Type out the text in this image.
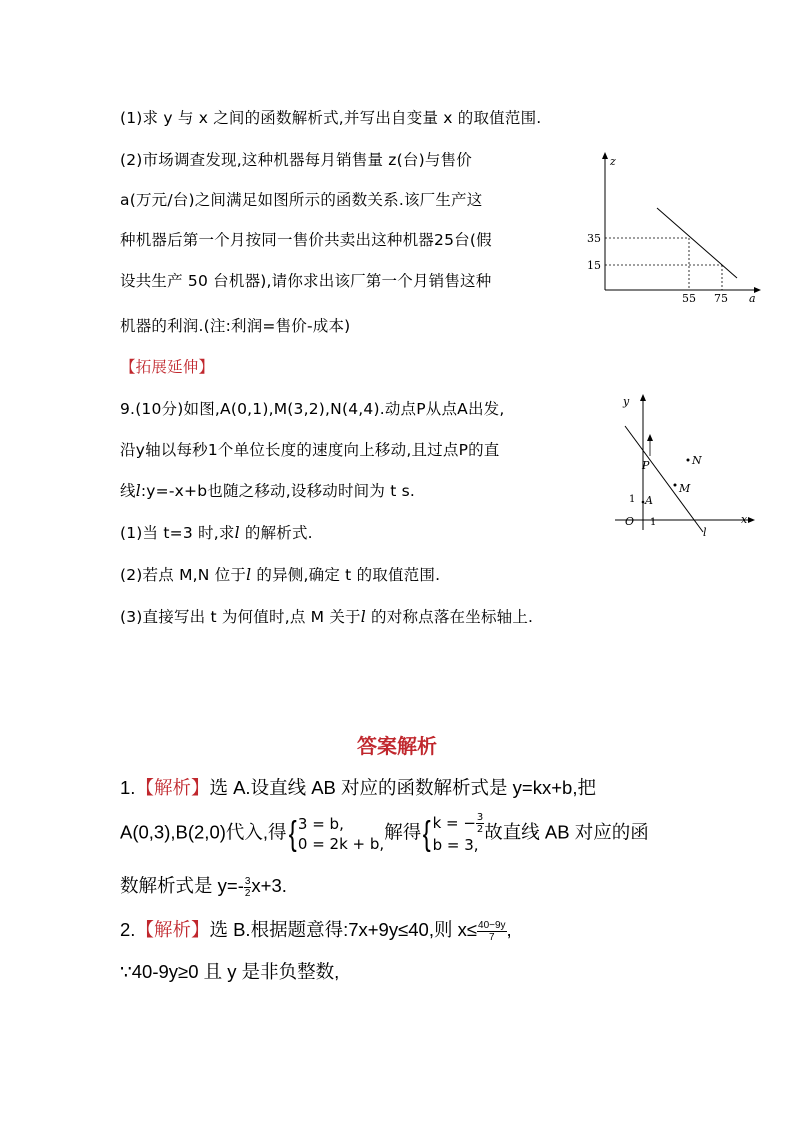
(1)求 y 与 x 之间的函数解析式,并写出自变量 x 的取值范围.
(2)市场调查发现,这种机器每月销售量 z(台)与售价
a(万元/台)之间满足如图所示的函数关系.该厂生产这
种机器后第一个月按同一售价共卖出这种机器25台(假
设共生产 50 台机器),请你求出该厂第一个月销售这种
机器的利润.(注:利润=售价-成本)
z
a
35
15
55 75
【拓展延伸】
9.(10分)如图,A(0,1),M(3,2),N(4,4).动点P从点A出发,
沿y轴以每秒1个单位长度的速度向上移动,且过点P的直
线l:y=-x+b也随之移动,设移动时间为 t s.
(1)当 t=3 时,求l 的解析式.
(2)若点 M,N 位于l 的异侧,确定 t 的取值范围.
(3)直接写出 t 为何值时,点 M 关于l 的对称点落在坐标轴上.
y
x
O 1
1
l
P
A
N
M
答案解析
1.【解析】选 A.设直线 AB 对应的函数解析式是 y=kx+b,把
A(0,3),B(2,0)代入,得{ 3 = b,
0 = 2k + b,
解得{ k = − $\frac{3}{2}$
b = 3,
故直线 AB 对应的函
数解析式是 $y=- \frac{3}{2} x+3$.
2.【解析】选 B.根据题意得:7x+9y≤40,则 $x\le \frac{40-9y}{7}$ ,
∵40-9y≥0 且 y 是非负整数,
